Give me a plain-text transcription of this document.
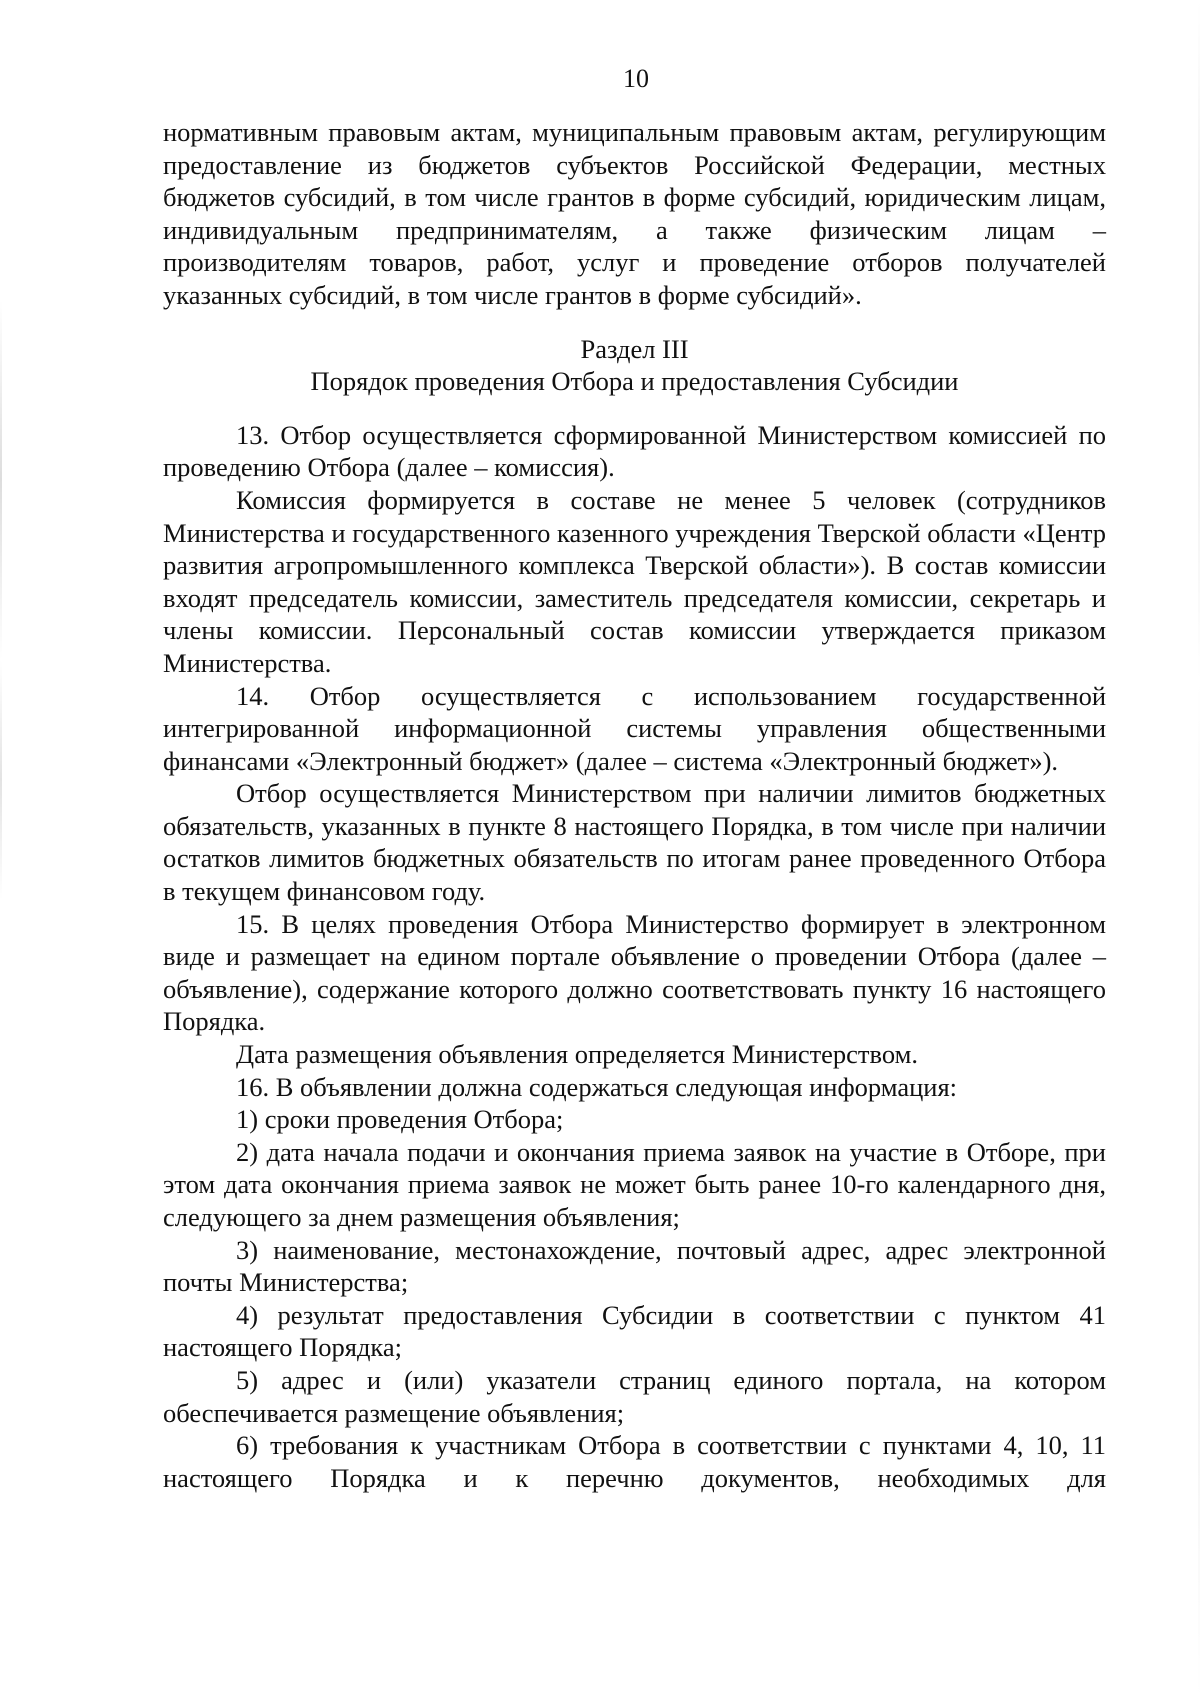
10

нормативным правовым актам, муниципальным правовым актам, регулирующим предоставление из бюджетов субъектов Российской Федерации, местных бюджетов субсидий, в том числе грантов в форме субсидий, юридическим лицам, индивидуальным предпринимателям, а также физическим лицам – производителям товаров, работ, услуг и проведение отборов получателей указанных субсидий, в том числе грантов в форме субсидий».

Раздел III

Порядок проведения Отбора и предоставления Субсидии

13. Отбор осуществляется сформированной Министерством комиссией по проведению Отбора (далее – комиссия).

Комиссия формируется в составе не менее 5 человек (сотрудников Министерства и государственного казенного учреждения Тверской области «Центр развития агропромышленного комплекса Тверской области»). В состав комиссии входят председатель комиссии, заместитель председателя комиссии, секретарь и члены комиссии. Персональный состав комиссии утверждается приказом Министерства.

14. Отбор осуществляется с использованием государственной интегрированной информационной системы управления общественными финансами «Электронный бюджет» (далее – система «Электронный бюджет»).

Отбор осуществляется Министерством при наличии лимитов бюджетных обязательств, указанных в пункте 8 настоящего Порядка, в том числе при наличии остатков лимитов бюджетных обязательств по итогам ранее проведенного Отбора в текущем финансовом году.

15. В целях проведения Отбора Министерство формирует в электронном виде и размещает на едином портале объявление о проведении Отбора (далее – объявление), содержание которого должно соответствовать пункту 16 настоящего Порядка.

Дата размещения объявления определяется Министерством.

16. В объявлении должна содержаться следующая информация:

1) сроки проведения Отбора;

2) дата начала подачи и окончания приема заявок на участие в Отборе, при этом дата окончания приема заявок не может быть ранее 10-го календарного дня, следующего за днем размещения объявления;

3) наименование, местонахождение, почтовый адрес, адрес электронной почты Министерства;

4) результат предоставления Субсидии в соответствии с пунктом 41 настоящего Порядка;

5) адрес и (или) указатели страниц единого портала, на котором обеспечивается размещение объявления;

6) требования к участникам Отбора в соответствии с пунктами 4, 10, 11 настоящего Порядка и к перечню документов, необходимых для
